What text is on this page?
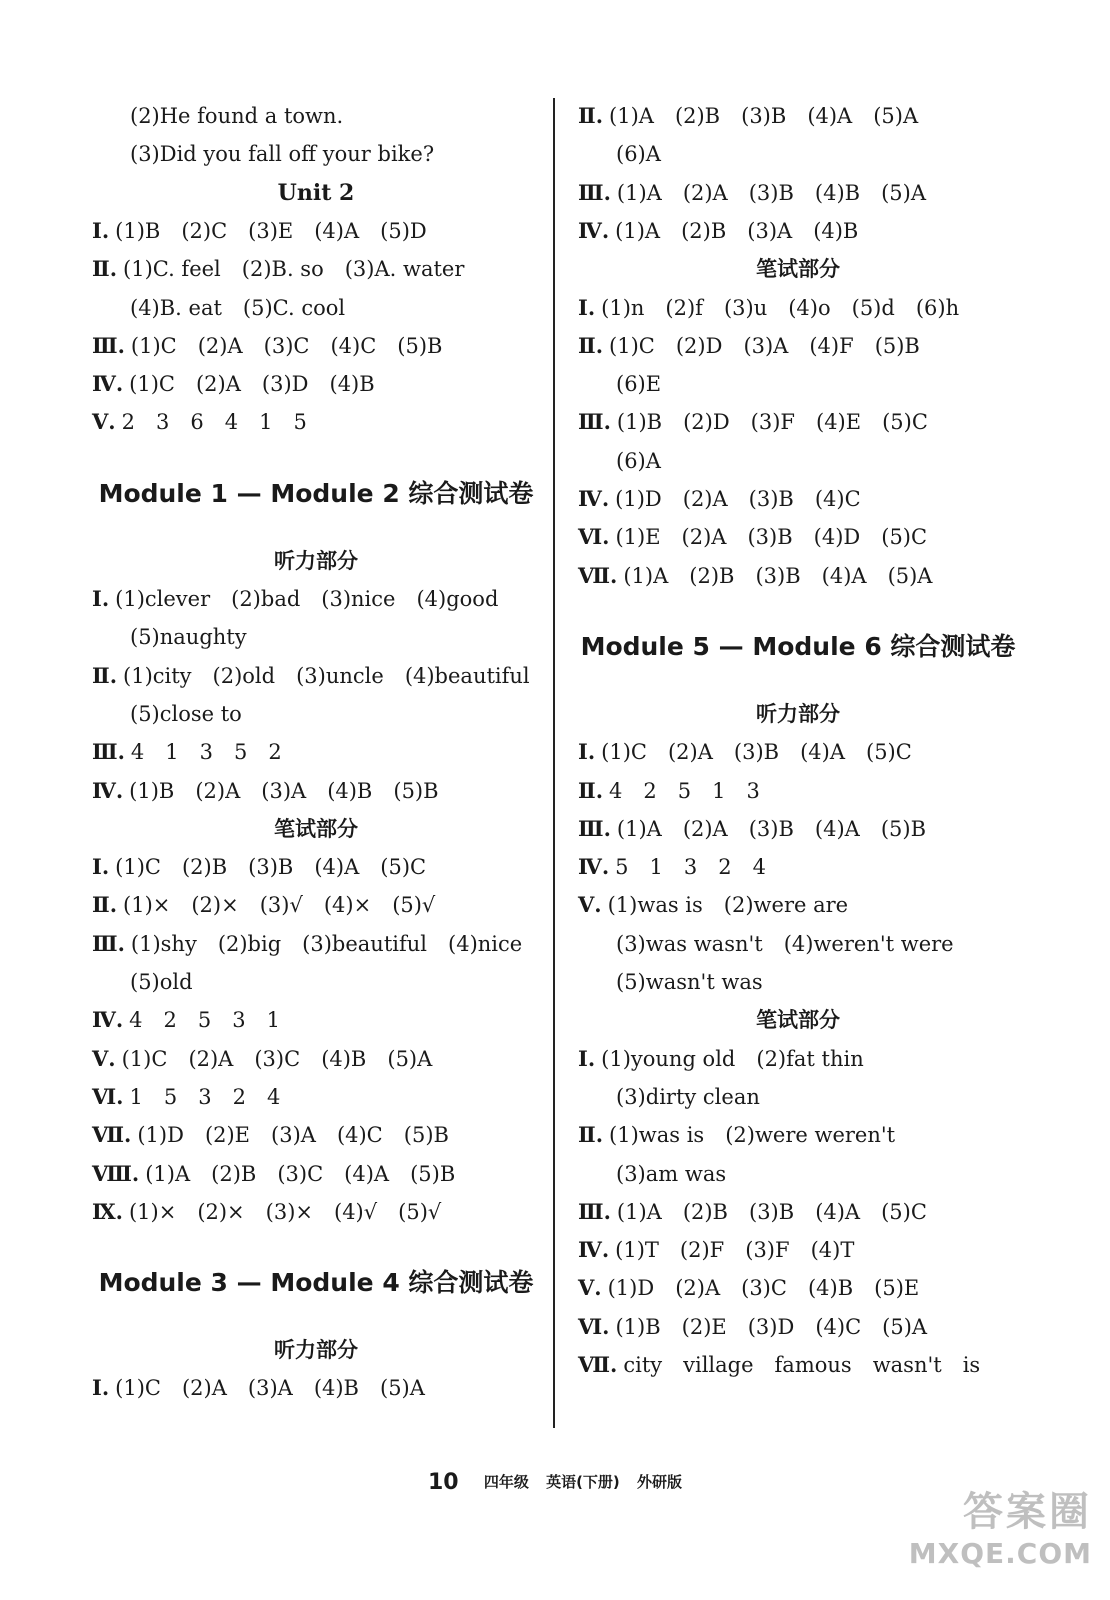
(2)He found a town.
(3)Did you fall off your bike?
Unit 2
Ⅰ. (1)B (2)C (3)E (4)A (5)D
Ⅱ. (1)C. feel (2)B. so (3)A. water
(4)B. eat (5)C. cool
Ⅲ. (1)C (2)A (3)C (4)C (5)B
Ⅳ. (1)C (2)A (3)D (4)B
Ⅴ. 2 3 6 4 1 5
Module 1 — Module 2 综合测试卷
听力部分
Ⅰ. (1)clever (2)bad (3)nice (4)good
(5)naughty
Ⅱ. (1)city (2)old (3)uncle (4)beautiful
(5)close to
Ⅲ. 4 1 3 5 2
Ⅳ. (1)B (2)A (3)A (4)B (5)B
笔试部分
Ⅰ. (1)C (2)B (3)B (4)A (5)C
Ⅱ. (1)× (2)× (3)√ (4)× (5)√
Ⅲ. (1)shy (2)big (3)beautiful (4)nice
(5)old
Ⅳ. 4 2 5 3 1
Ⅴ. (1)C (2)A (3)C (4)B (5)A
Ⅵ. 1 5 3 2 4
Ⅶ. (1)D (2)E (3)A (4)C (5)B
Ⅷ. (1)A (2)B (3)C (4)A (5)B
Ⅸ. (1)× (2)× (3)× (4)√ (5)√
Module 3 — Module 4 综合测试卷
听力部分
Ⅰ. (1)C (2)A (3)A (4)B (5)A
Ⅱ. (1)A (2)B (3)B (4)A (5)A
(6)A
Ⅲ. (1)A (2)A (3)B (4)B (5)A
Ⅳ. (1)A (2)B (3)A (4)B
笔试部分
Ⅰ. (1)n (2)f (3)u (4)o (5)d (6)h
Ⅱ. (1)C (2)D (3)A (4)F (5)B
(6)E
Ⅲ. (1)B (2)D (3)F (4)E (5)C
(6)A
Ⅳ. (1)D (2)A (3)B (4)C
Ⅵ. (1)E (2)A (3)B (4)D (5)C
Ⅶ. (1)A (2)B (3)B (4)A (5)A
Module 5 — Module 6 综合测试卷
听力部分
Ⅰ. (1)C (2)A (3)B (4)A (5)C
Ⅱ. 4 2 5 1 3
Ⅲ. (1)A (2)A (3)B (4)A (5)B
Ⅳ. 5 1 3 2 4
Ⅴ. (1)was is (2)were are
(3)was wasn't (4)weren't were
(5)wasn't was
笔试部分
Ⅰ. (1)young old (2)fat thin
(3)dirty clean
Ⅱ. (1)was is (2)were weren't
(3)am was
Ⅲ. (1)A (2)B (3)B (4)A (5)C
Ⅳ. (1)T (2)F (3)F (4)T
Ⅴ. (1)D (2)A (3)C (4)B (5)E
Ⅵ. (1)B (2)E (3)D (4)C (5)A
Ⅶ. city village famous wasn't is
10 四年级 英语(下册) 外研版
答案圈
MXQE.COM
